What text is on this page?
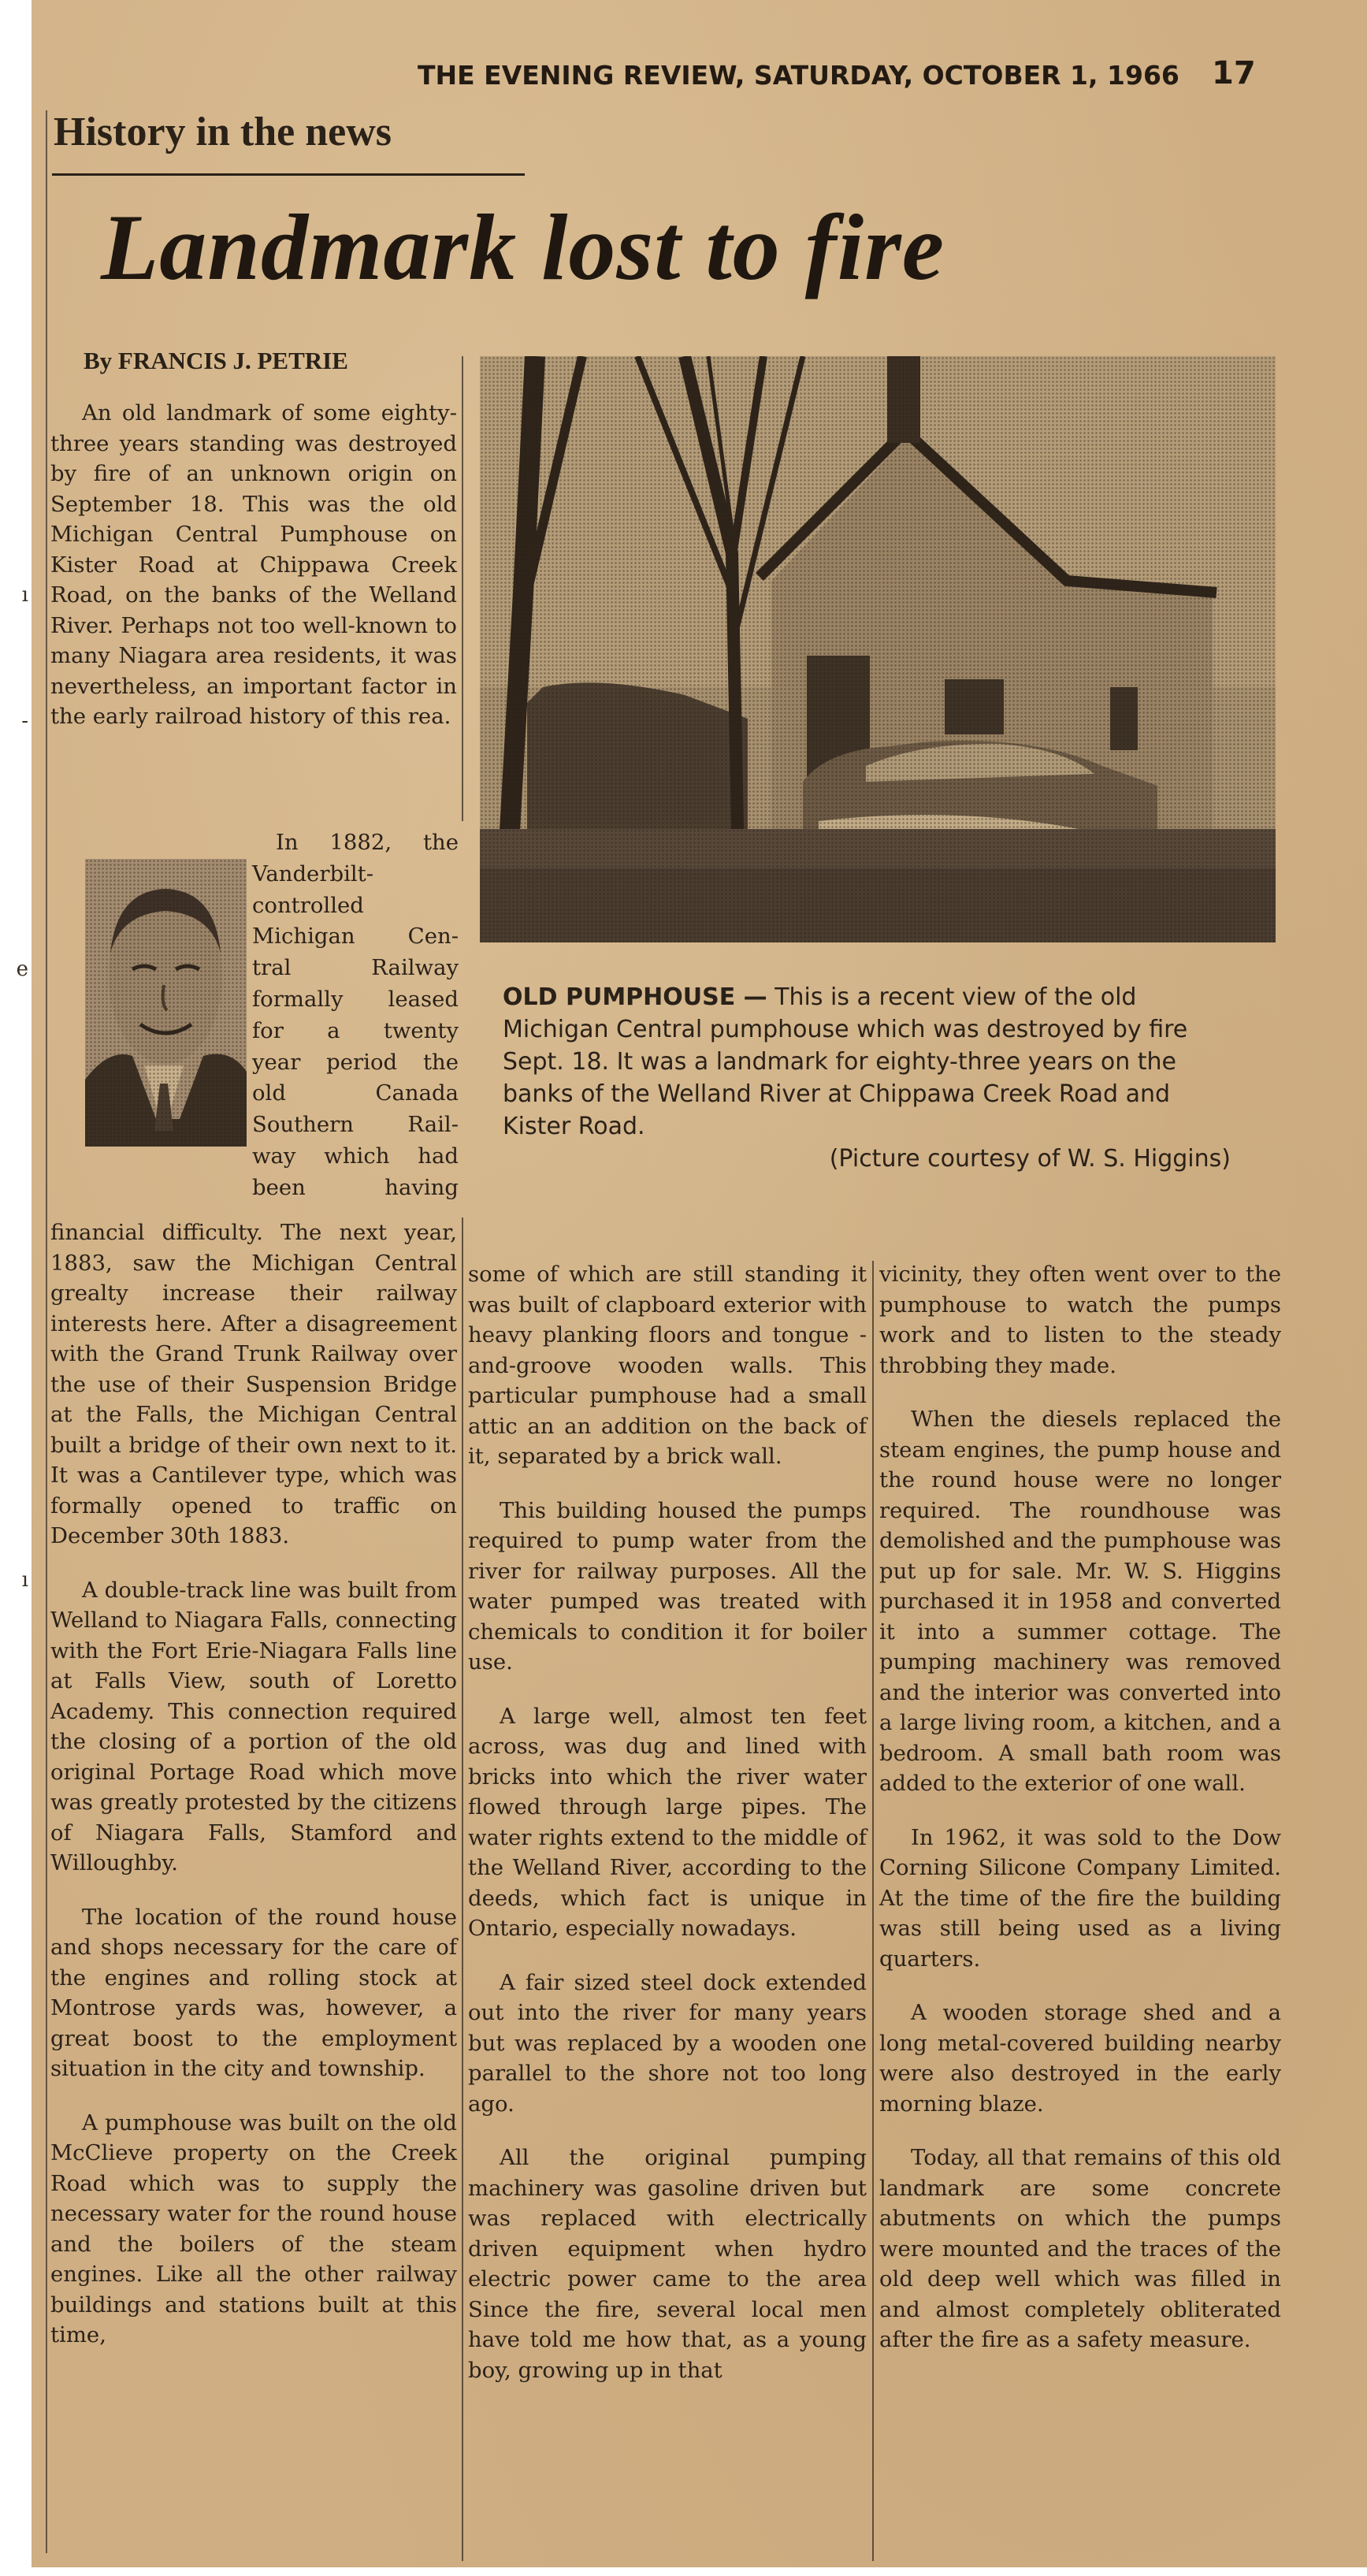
ı
-
e
ı
THE EVENING REVIEW, SATURDAY, OCTOBER 1, 1966	17
History in the news
Landmark lost to fire
By FRANCIS J. PETRIE

An old landmark of some eighty-three years standing was destroyed by fire of an unknown origin on September 18. This was the old Michigan Central Pumphouse on Kister Road at Chippawa Creek Road, on the banks of the Welland River. Perhaps not too well-known to many Niagara area residents, it was nevertheless, an important factor in the early railroad history of this rea.

In 1882, the
Vanderbilt-
controlled
Michigan Cen-
tral Railway
formally leased
for a twenty
year period the
old Canada
Southern Rail-
way which had
been having

financial difficulty. The next year, 1883, saw the Michigan Central grealty increase their railway interests here. After a disagreement with the Grand Trunk Railway over the use of their Suspension Bridge at the Falls, the Michigan Central built a bridge of their own next to it. It was a Cantilever type, which was formally opened to traffic on December 30th 1883.

A double-track line was built from Welland to Niagara Falls, connecting with the Fort Erie-Niagara Falls line at Falls View, south of Loretto Academy. This connection required the closing of a portion of the old original Portage Road which move was greatly protested by the citizens of Niagara Falls, Stamford and Willoughby.

The location of the round house and shops necessary for the care of the engines and rolling stock at Montrose yards was, however, a great boost to the employment situation in the city and township.

A pumphouse was built on the old McClieve property on the Creek Road which was to supply the necessary water for the round house and the boilers of the steam engines. Like all the other railway buildings and stations built at this time,

OLD PUMPHOUSE — This is a recent view of the old Michigan Central pumphouse which was destroyed by fire Sept. 18. It was a landmark for eighty-three years on the banks of the Welland River at Chippawa Creek Road and Kister Road.
(Picture courtesy of W. S. Higgins)

some of which are still standing it was built of clapboard exterior with heavy planking floors and tongue -and-groove wooden walls. This particular pumphouse had a small attic an an addition on the back of it, separated by a brick wall.

This building housed the pumps required to pump water from the river for railway purposes. All the water pumped was treated with chemicals to condition it for boiler use.

A large well, almost ten feet across, was dug and lined with bricks into which the river water flowed through large pipes. The water rights extend to the middle of the Welland River, according to the deeds, which fact is unique in Ontario, especially nowadays.

A fair sized steel dock extended out into the river for many years but was replaced by a wooden one parallel to the shore not too long ago.

All the original pumping machinery was gasoline driven but was replaced with electrically driven equipment when hydro electric power came to the area Since the fire, several local men have told me how that, as a young boy, growing up in that

vicinity, they often went over to the pumphouse to watch the pumps work and to listen to the steady throbbing they made.

When the diesels replaced the steam engines, the pump house and the round house were no longer required. The roundhouse was demolished and the pumphouse was put up for sale. Mr. W. S. Higgins purchased it in 1958 and converted it into a summer cottage. The pumping machinery was removed and the interior was converted into a large living room, a kitchen, and a bedroom. A small bath room was added to the exterior of one wall.

In 1962, it was sold to the Dow Corning Silicone Company Limited. At the time of the fire the building was still being used as a living quarters.

A wooden storage shed and a long metal-covered building nearby were also destroyed in the early morning blaze.

Today, all that remains of this old landmark are some concrete abutments on which the pumps were mounted and the traces of the old deep well which was filled in and almost completely obliterated after the fire as a safety measure.
